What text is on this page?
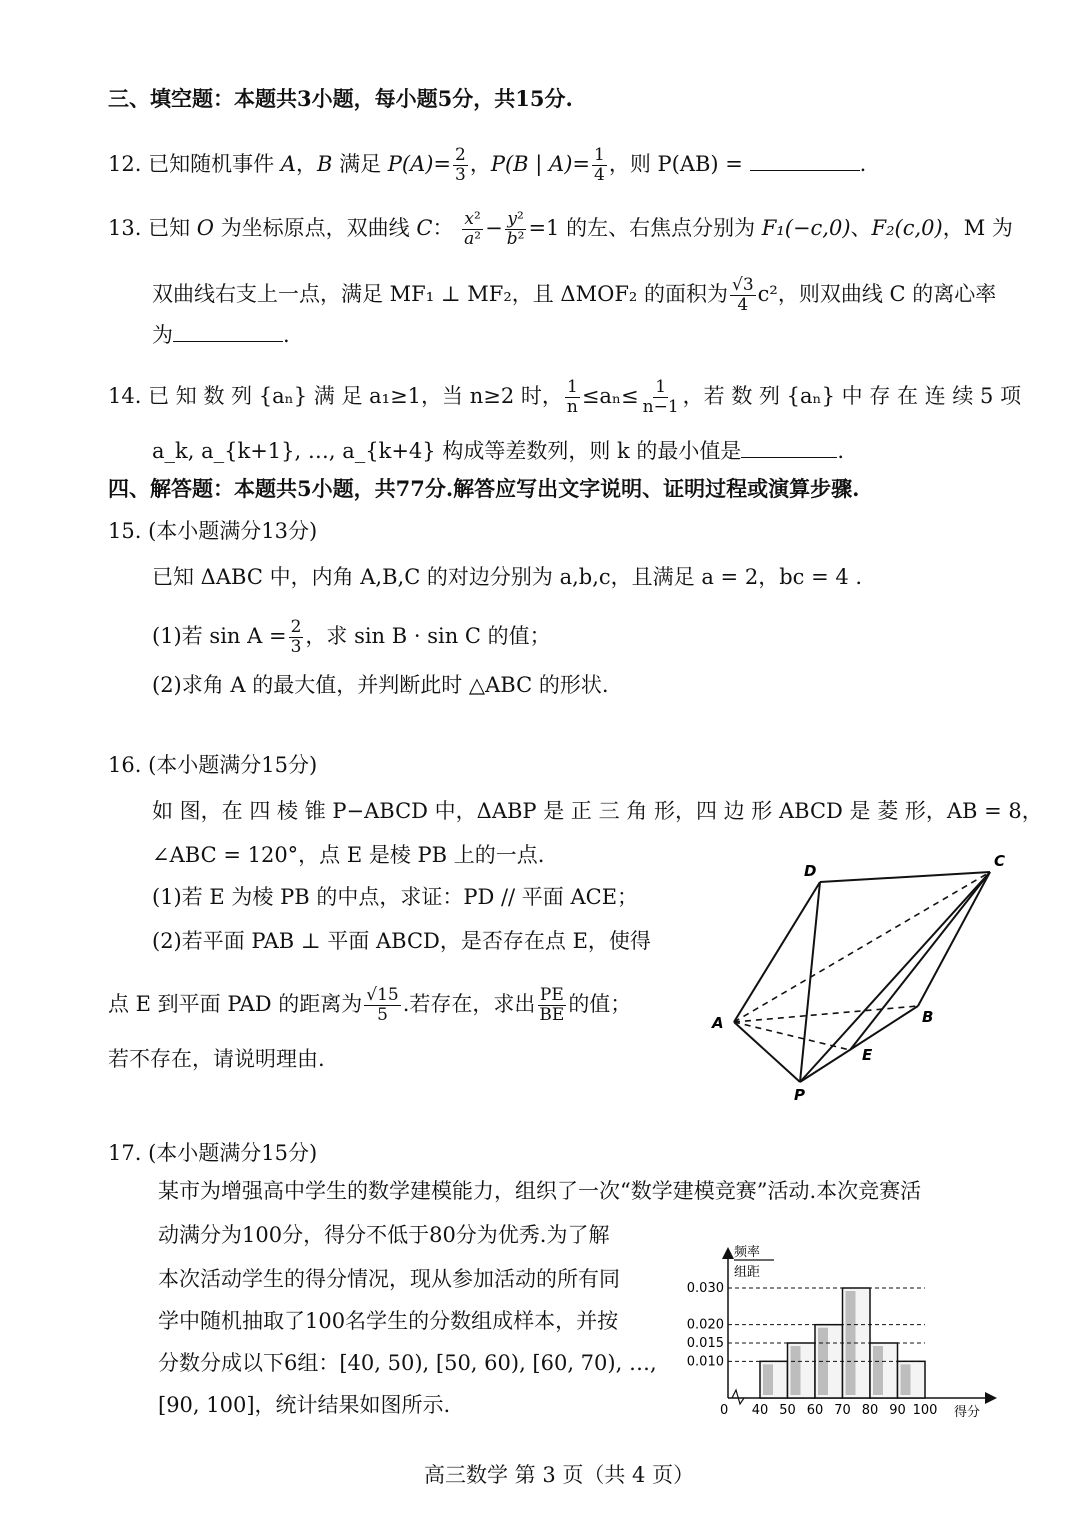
三、填空题：本题共3小题，每小题5分，共15分.
12. 已知随机事件 A，B 满足 $P(A)= \frac{2}{3}$ ，P(B | $A)= \frac{1}{4}$ ，则 P(AB) =	.
13. 已知 O 为坐标原点，双曲线 C： $\frac{\text{x²}}{\text{a²}} - \frac{\text{y²}}{\text{b²}} =1$ 的左、右焦点分别为 F₁(−c,0)、F₂(c,0)，M 为
双曲线右支上一点，满足 MF₁ ⊥ MF₂，且 ΔMOF₂ 的面积为 $\frac{√3}{4} c^2$，则双曲线 C 的离心率
为	.
14. 已 知 数 列 {aₙ} 满 足 a₁≥1，当 n≥2 时， $\frac{1}{n} \le a_n\le \frac{1}{n-1}$ ，若 数 列 {aₙ} 中 存 在 连 续 5 项
a_k, a_{k+1}, …, a_{k+4} 构成等差数列，则 k 的最小值是	.
四、解答题：本题共5小题，共77分.解答应写出文字说明、证明过程或演算步骤.
15. (本小题满分13分)
已知 ΔABC 中，内角 A,B,C 的对边分别为 a,b,c，且满足 a = 2，bc = 4 .
(1)若 $\sin A = \frac{2}{3}$ ，求 sin B · sin C 的值；
(2)求角 A 的最大值，并判断此时 △ABC 的形状.
16. (本小题满分15分)
如 图，在 四 棱 锥 P−ABCD 中，ΔABP 是 正 三 角 形，四 边 形 ABCD 是 菱 形，AB = 8，
∠ABC = 120°，点 E 是棱 PB 上的一点.
(1)若 E 为棱 PB 的中点，求证：PD // 平面 ACE；
(2)若平面 PAB ⊥ 平面 ABCD，是否存在点 E，使得
点 E 到平面 PAD 的距离为 $\frac{√15}{5}$ .若存在，求出 $\frac{PE}{BE}$ 的值；
若不存在，请说明理由.
D
C
A	B
E
P
17. (本小题满分15分)
某市为增强高中学生的数学建模能力，组织了一次“数学建模竞赛”活动.本次竞赛活
动满分为100分，得分不低于80分为优秀.为了解
本次活动学生的得分情况，现从参加活动的所有同
学中随机抽取了100名学生的分数组成样本，并按
分数分成以下6组：[40, 50), [50, 60), [60, 70), …,
[90, 100]，统计结果如图所示.
频率
组距
0	得分
0.010
0.015
0.020
0.030
40 50 60 70 80 90 100
高三数学 第 3 页（共 4 页）
